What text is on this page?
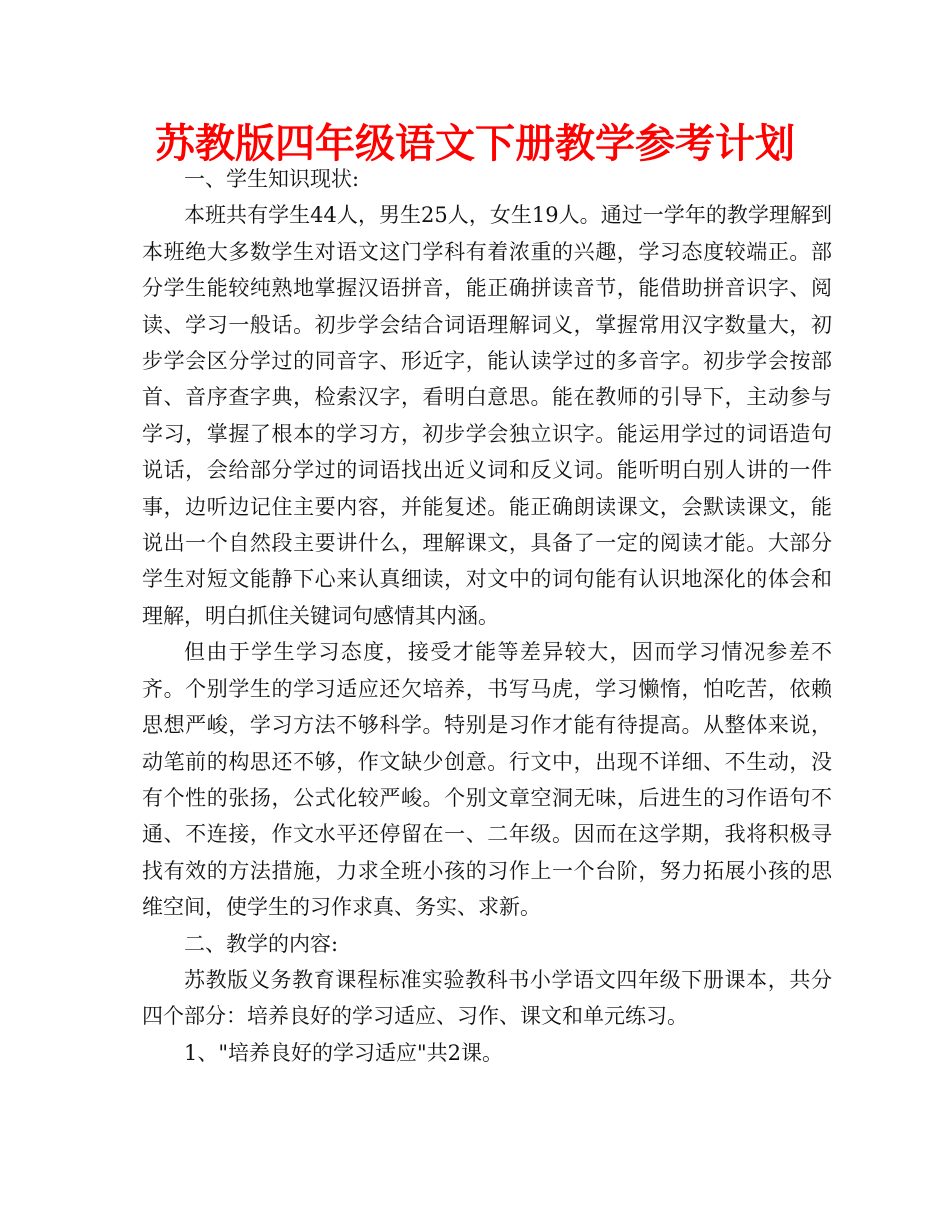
苏教版四年级语文下册教学参考计划

一、学生知识现状:

本班共有学生44人，男生25人，女生19人。通过一学年的教学理解到本班绝大多数学生对语文这门学科有着浓重的兴趣，学习态度较端正。部分学生能较纯熟地掌握汉语拼音，能正确拼读音节，能借助拼音识字、阅读、学习一般话。初步学会结合词语理解词义，掌握常用汉字数量大，初步学会区分学过的同音字、形近字，能认读学过的多音字。初步学会按部首、音序查字典，检索汉字，看明白意思。能在教师的引导下，主动参与学习，掌握了根本的学习方，初步学会独立识字。能运用学过的词语造句说话，会给部分学过的词语找出近义词和反义词。能听明白别人讲的一件事，边听边记住主要内容，并能复述。能正确朗读课文，会默读课文，能说出一个自然段主要讲什么，理解课文，具备了一定的阅读才能。大部分学生对短文能静下心来认真细读，对文中的词句能有认识地深化的体会和理解，明白抓住关键词句感情其内涵。

但由于学生学习态度，接受才能等差异较大，因而学习情况参差不齐。个别学生的学习适应还欠培养，书写马虎，学习懒惰，怕吃苦，依赖思想严峻，学习方法不够科学。特别是习作才能有待提高。从整体来说，动笔前的构思还不够，作文缺少创意。行文中，出现不详细、不生动，没有个性的张扬，公式化较严峻。个别文章空洞无味，后进生的习作语句不通、不连接，作文水平还停留在一、二年级。因而在这学期，我将积极寻找有效的方法措施，力求全班小孩的习作上一个台阶，努力拓展小孩的思维空间，使学生的习作求真、务实、求新。

二、教学的内容:

苏教版义务教育课程标准实验教科书小学语文四年级下册课本，共分四个部分：培养良好的学习适应、习作、课文和单元练习。

1、"培养良好的学习适应"共2课。
